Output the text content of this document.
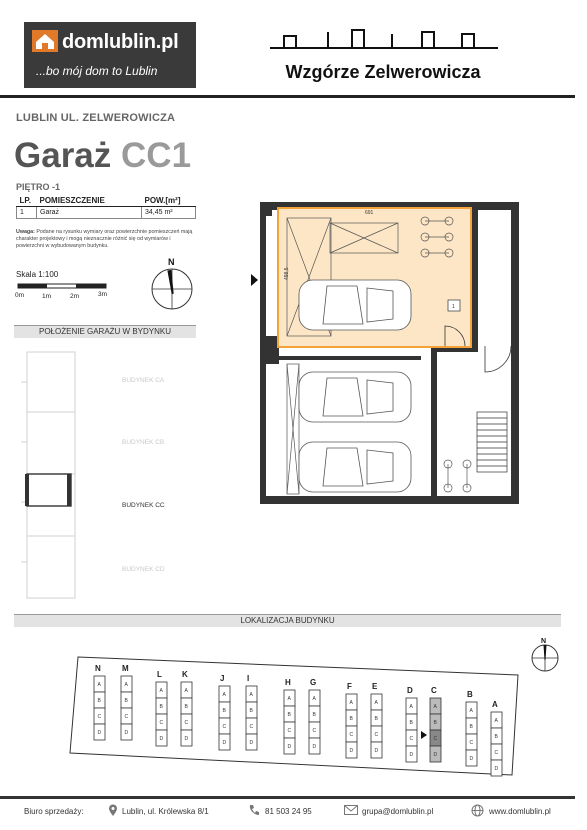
domlublin.pl
...bo mój dom to Lublin	Wzgórze Zelwerowicza
LUBLIN UL. ZELWEROWICZA
Garaż CC1
PIĘTRO -1
LP.	POMIESZCZENIE	POW.[m²]
1	Garaż	34,45 m²
Uwaga: Podane na rysunku wymiary oraz powierzchnie pomieszczeń mają charakter projektowy i mogą nieznacznie różnić się od wymiarów i powierzchni w wybudowanym budynku.
Skala 1:100
0m	1m	2m	3m
N
691
498,5
1
POŁOŻENIE GARAŻU W BYDYNKU
BUDYNEK CA
BUDYNEK CB
BUDYNEK CC
BUDYNEK CD
LOKALIZACJA BUDYNKU
N
A
B
C
D
M
A
B
C
D
L
A
B
C
D
K
A
B
C
D
J
A
B
C
D
I
A
B
C
D
H
A
B
C
D
G
A
B
C
D
F
A
B
C
D
E
A
B
C
D
D
A
B
C
D
C
A
B
C
D
B
A
B
C
D
A
A
B
C
D
N
Biuro sprzedaży:	Lublin, ul. Królewska 8/1	81 503 24 95	grupa@domlublin.pl	www.domlublin.pl
